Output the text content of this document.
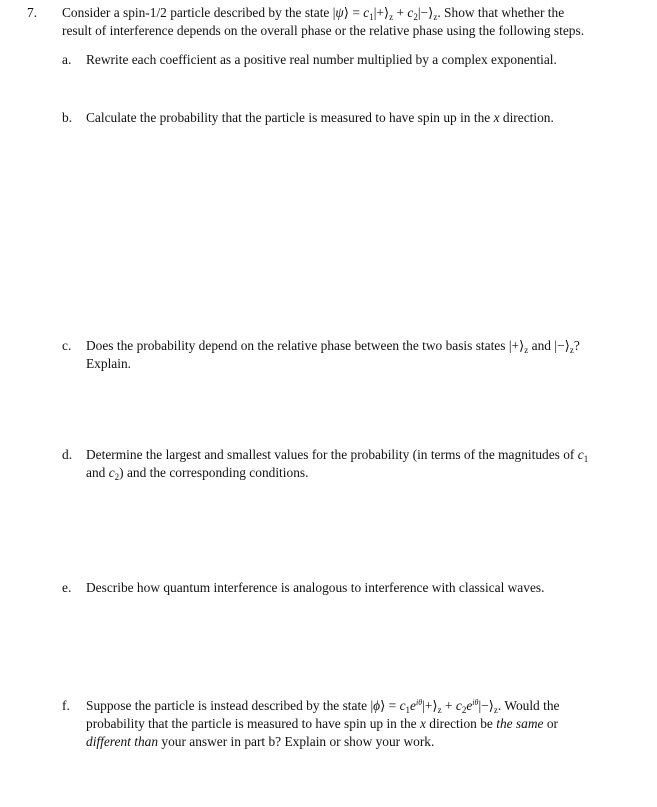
7. Consider a spin-1/2 particle described by the state |ψ⟩ = $c_1|+⟩_z$ + $c_2|-⟩_z$. Show that whether the
result of interference depends on the overall phase or the relative phase using the following steps.
a. Rewrite each coefficient as a positive real number multiplied by a complex exponential.
b. Calculate the probability that the particle is measured to have spin up in the x direction.
c. Does the probability depend on the relative phase between the two basis states $|+⟩_z$ and $|-⟩_z$?
Explain.
d. Determine the largest and smallest values for the probability (in terms of the magnitudes of $c_1$
and $c_2$) and the corresponding conditions.
e. Describe how quantum interference is analogous to interference with classical waves.
f. Suppose the particle is instead described by the state |ϕ⟩ = $c_1e^{i\theta}|+⟩_z$ + $c_2e^{i\theta}|-⟩_z$. Would the
probability that the particle is measured to have spin up in the x direction be the same or
different than your answer in part b? Explain or show your work.
